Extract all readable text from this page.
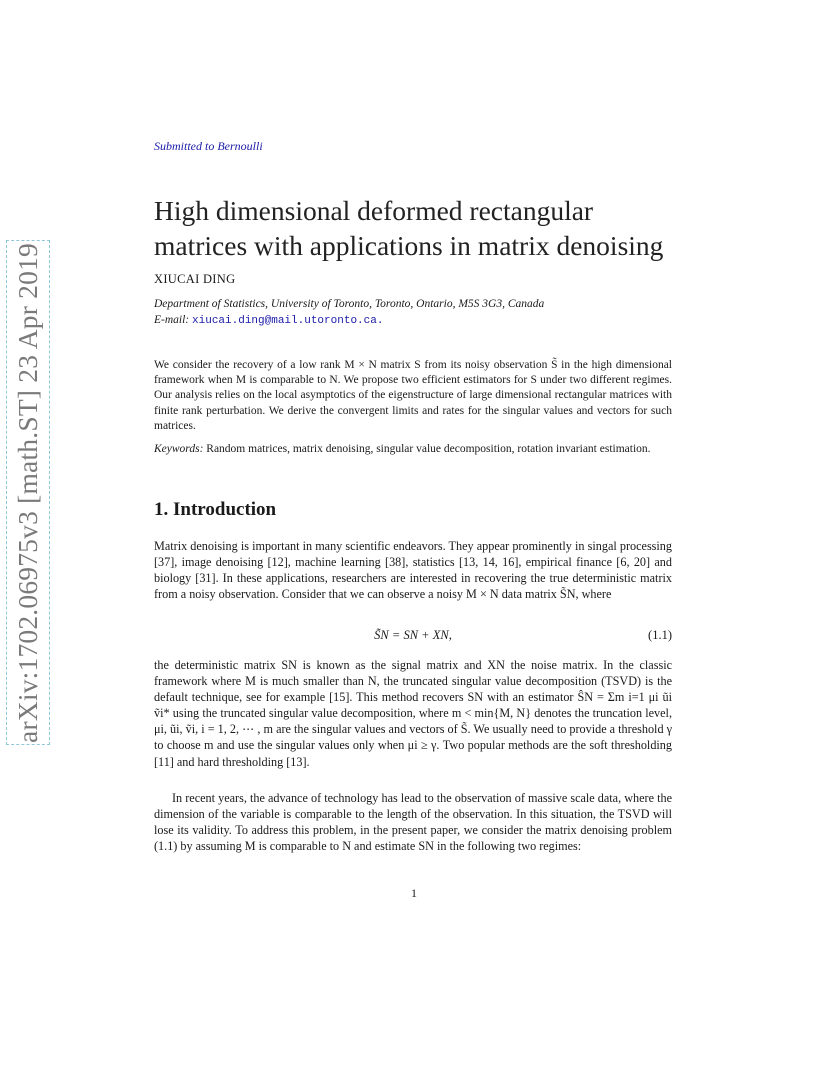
arXiv:1702.06975v3 [math.ST] 23 Apr 2019
Submitted to Bernoulli
High dimensional deformed rectangular
matrices with applications in matrix denoising
XIUCAI DING
Department of Statistics, University of Toronto, Toronto, Ontario, M5S 3G3, Canada
E-mail: xiucai.ding@mail.utoronto.ca.
We consider the recovery of a low rank M × N matrix S from its noisy observation S̃ in the high dimensional framework when M is comparable to N. We propose two efficient estimators for S under two different regimes. Our analysis relies on the local asymptotics of the eigenstructure of large dimensional rectangular matrices with finite rank perturbation. We derive the convergent limits and rates for the singular values and vectors for such matrices.
Keywords: Random matrices, matrix denoising, singular value decomposition, rotation invariant estimation.
1. Introduction
Matrix denoising is important in many scientific endeavors. They appear prominently in singal processing [37], image denoising [12], machine learning [38], statistics [13, 14, 16], empirical finance [6, 20] and biology [31]. In these applications, researchers are interested in recovering the true deterministic matrix from a noisy observation. Consider that we can observe a noisy M × N data matrix S̃N, where
S̃N = SN + XN,	(1.1)
the deterministic matrix SN is known as the signal matrix and XN the noise matrix. In the classic framework where M is much smaller than N, the truncated singular value decomposition (TSVD) is the default technique, see for example [15]. This method recovers SN with an estimator ŜN = Σm i=1 μi ũi ṽi* using the truncated singular value decomposition, where m < min{M, N} denotes the truncation level, μi, ũi, ṽi, i = 1, 2, ⋯ , m are the singular values and vectors of S̃. We usually need to provide a threshold γ to choose m and use the singular values only when μi ≥ γ. Two popular methods are the soft thresholding [11] and hard thresholding [13].
In recent years, the advance of technology has lead to the observation of massive scale data, where the dimension of the variable is comparable to the length of the observation. In this situation, the TSVD will lose its validity. To address this problem, in the present paper, we consider the matrix denoising problem (1.1) by assuming M is comparable to N and estimate SN in the following two regimes:
1
